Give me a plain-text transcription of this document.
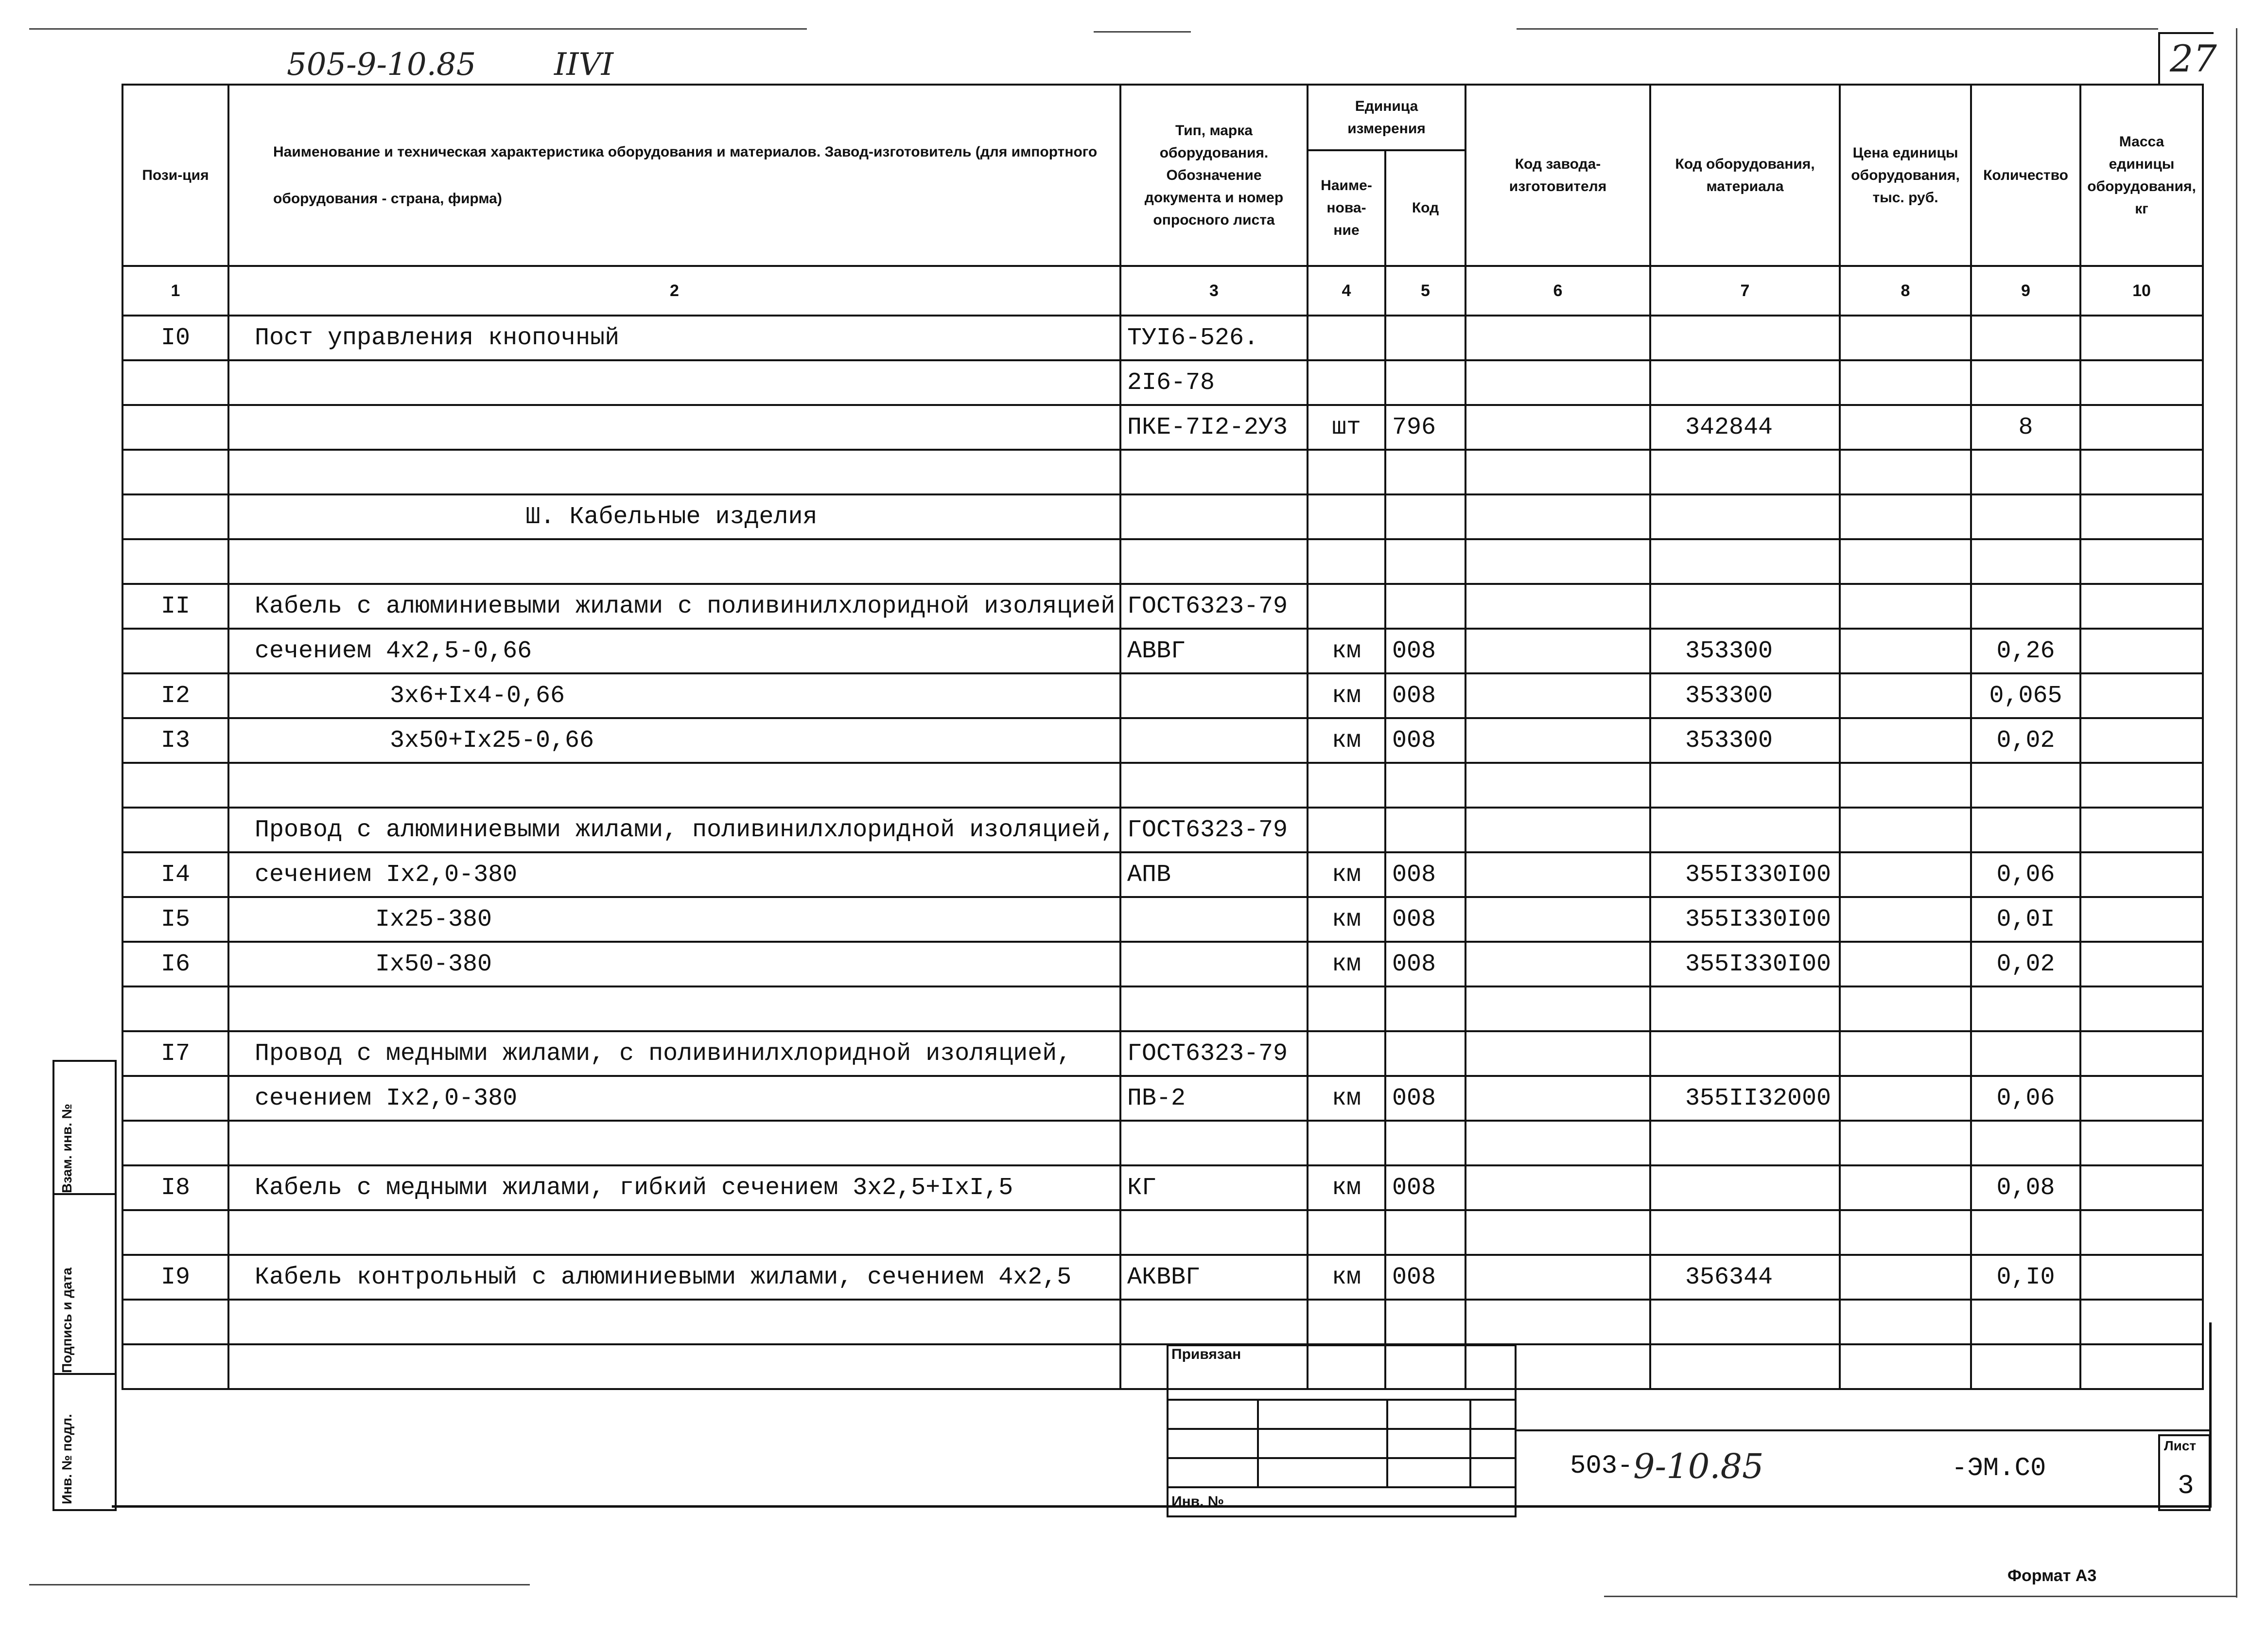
505-9-10.85	IIVI	27
Пози-ция	Наименование и техническая характеристика оборудования и материалов. Завод-изготовитель (для импортного оборудования - страна, фирма)	Тип, марка оборудования. Обозначение документа и номер опросного листа	Единица измерения		Код завода-изготовителя	Код оборудования, материала	Цена единицы оборудования, тыс. руб.	Количество	Масса единицы оборудования, кг
			Наиме-нова-ние	Код					
1	2	3	4	5	6	7	8	9	10
I0	Пост управления кнопочный	ТУI6-526.							
		2I6-78							
		ПКЕ-7I2-2У3	шт	796		342844		8	

	Ш. Кабельные изделия								

II	Кабель с алюминиевыми жилами с поливинилхлоридной изоляцией	ГОСТ6323-79							
	сечением 4x2,5-0,66	АВВГ	км	008		353300		0,26	
I2	3x6+Ix4-0,66		км	008		353300		0,065	
I3	3x50+Ix25-0,66		км	008		353300		0,02	

	Провод с алюминиевыми жилами, поливинилхлоридной изоляцией,	ГОСТ6323-79							
I4	сечением Ix2,0-380	АПВ	км	008		355I330I00		0,06	
I5	Ix25-380		км	008		355I330I00		0,0I	
I6	Ix50-380		км	008		355I330I00		0,02	

I7	Провод с медными жилами, с поливинилхлоридной изоляцией,	ГОСТ6323-79							
	сечением Ix2,0-380	ПВ-2	км	008		355II32000		0,06	

I8	Кабель с медными жилами, гибкий сечением 3x2,5+IxI,5	КГ	км	008				0,08	

I9	Кабель контрольный с алюминиевыми жилами, сечением 4x2,5	АКВВГ	км	008		356344		0,I0	

Взам. инв. №
Подпись и дата
Инв. № подл.
Привязан			

Инв. №			
503- 9-10.85	-ЭМ.С0
Лист
3
Формат А3
